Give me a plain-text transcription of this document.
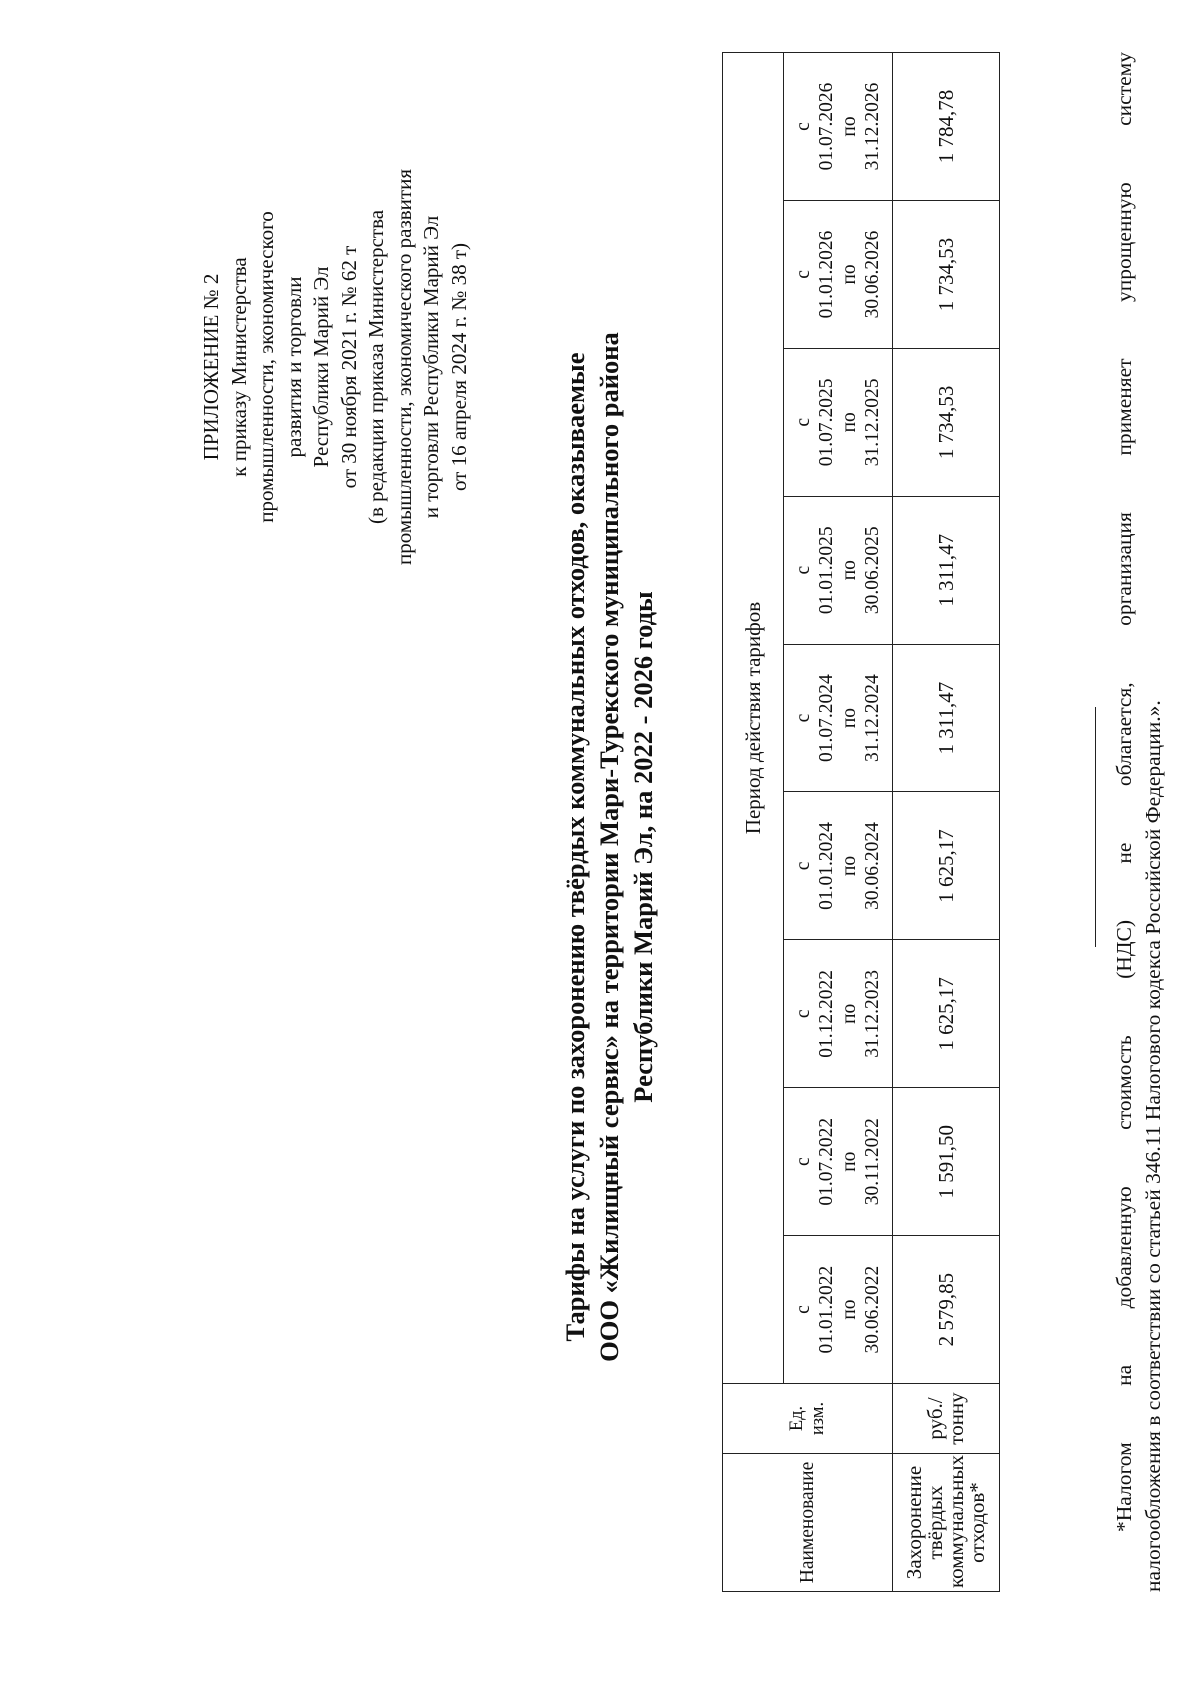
ПРИЛОЖЕНИЕ № 2 к приказу Министерства промышленности, экономического развития и торговли Республики Марий Эл от 30 ноября 2021 г. № 62 т (в редакции приказа Министерства промышленности, экономического развития и торговли Республики Марий Эл от 16 апреля 2024 г. № 38 т)	Тарифы на услуги по захоронению твёрдых коммунальных отходов, оказываемые ООО «Жилищный сервис» на территории Мари-Турекского муниципального района Республики Марий Эл, на 2022 - 2026 годы
Наименование	Ед. изм.	Период действия тарифов								

		с 01.01.2022 по 30.06.2022	с 01.07.2022 по 30.11.2022	с 01.12.2022 по 31.12.2023	с 01.01.2024 по 30.06.2024	с 01.07.2024 по 31.12.2024	с 01.01.2025 по 30.06.2025	с 01.07.2025 по 31.12.2025	с 01.01.2026 по 30.06.2026	с 01.07.2026 по 31.12.2026

Захоронение твёрдых коммунальных отходов*	руб./ тонну	2 579,85	1 591,50	1 625,17	1 625,17	1 311,47	1 311,47	1 734,53	1 734,53	1 784,78	*Налогом на добавленную стоимость (НДС) не облагается, организация применяет упрощенную систему налогообложения в соответствии со статьей 346.11 Налогового кодекса Российской Федерации.».
